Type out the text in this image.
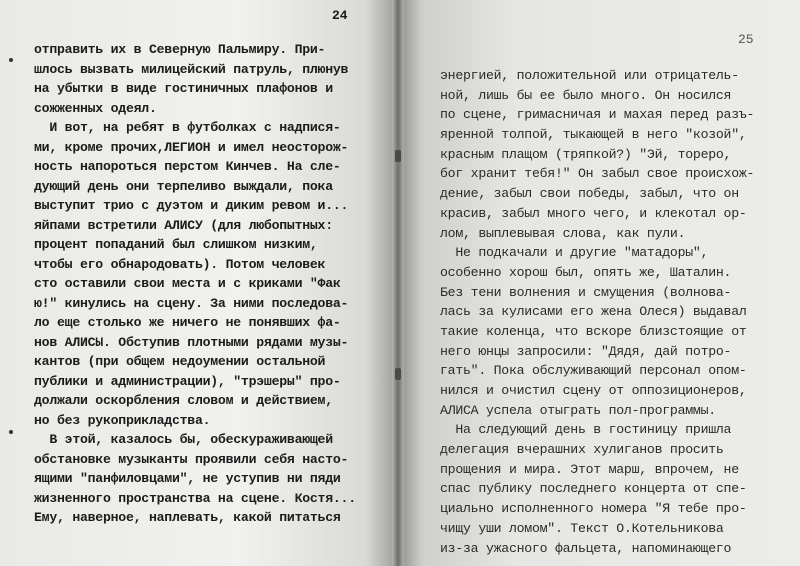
24
отправить их в Северную Пальмиру. При-
шлось вызвать милицейский патруль, плюнув
на убытки в виде гостиничных плафонов и
сожженных одеял.
И вот, на ребят в футболках с надпися-
ми, кроме прочих,ЛЕГИОН и имел неосторож-
ность напороться перстом Кинчев. На сле-
дующий день они терпеливо выждали, пока
выступит трио с дуэтом и диким ревом и...
яйпами встретили АЛИСУ (для любопытных:
процент попаданий был слишком низким,
чтобы его обнародовать). Потом человек
сто оставили свои места и с криками "Фак
ю!" кинулись на сцену. За ними последова-
ло еще столько же ничего не понявших фа-
нов АЛИСЫ. Обступив плотными рядами музы-
кантов (при общем недоумении остальной
публики и администрации), "трэшеры" про-
должали оскорбления словом и действием,
но без рукоприкладства.
В этой, казалось бы, обескураживающей
обстановке музыканты проявили себя насто-
ящими "панфиловцами", не уступив ни пяди
жизненного пространства на сцене. Костя...
Ему, наверное, наплевать, какой питаться
25
энергией, положительной или отрицатель-
ной, лишь бы ее было много. Он носился
по сцене, гримасничая и махая перед разъ-
яренной толпой, тыкающей в него "козой",
красным плащом (тряпкой?) "Эй, тореро,
бог хранит тебя!" Он забыл свое происхож-
дение, забыл свои победы, забыл, что он
красив, забыл много чего, и клекотал ор-
лом, выплевывая слова, как пули.
Не подкачали и другие "матадоры",
особенно хорош был, опять же, Шаталин.
Без тени волнения и смущения (волнова-
лась за кулисами его жена Олеся) выдавал
такие коленца, что вскоре близстоящие от
него юнцы запросили: "Дядя, дай потро-
гать". Пока обслуживающий персонал опом-
нился и очистил сцену от оппозиционеров,
АЛИСА успела отыграть пол-программы.
На следующий день в гостиницу пришла
делегация вчерашних хулиганов просить
прощения и мира. Этот марш, впрочем, не
спас публику последнего концерта от спе-
циально исполненного номера "Я тебе про-
чищу уши ломом". Текст О.Котельникова
из-за ужасного фальцета, напоминающего
